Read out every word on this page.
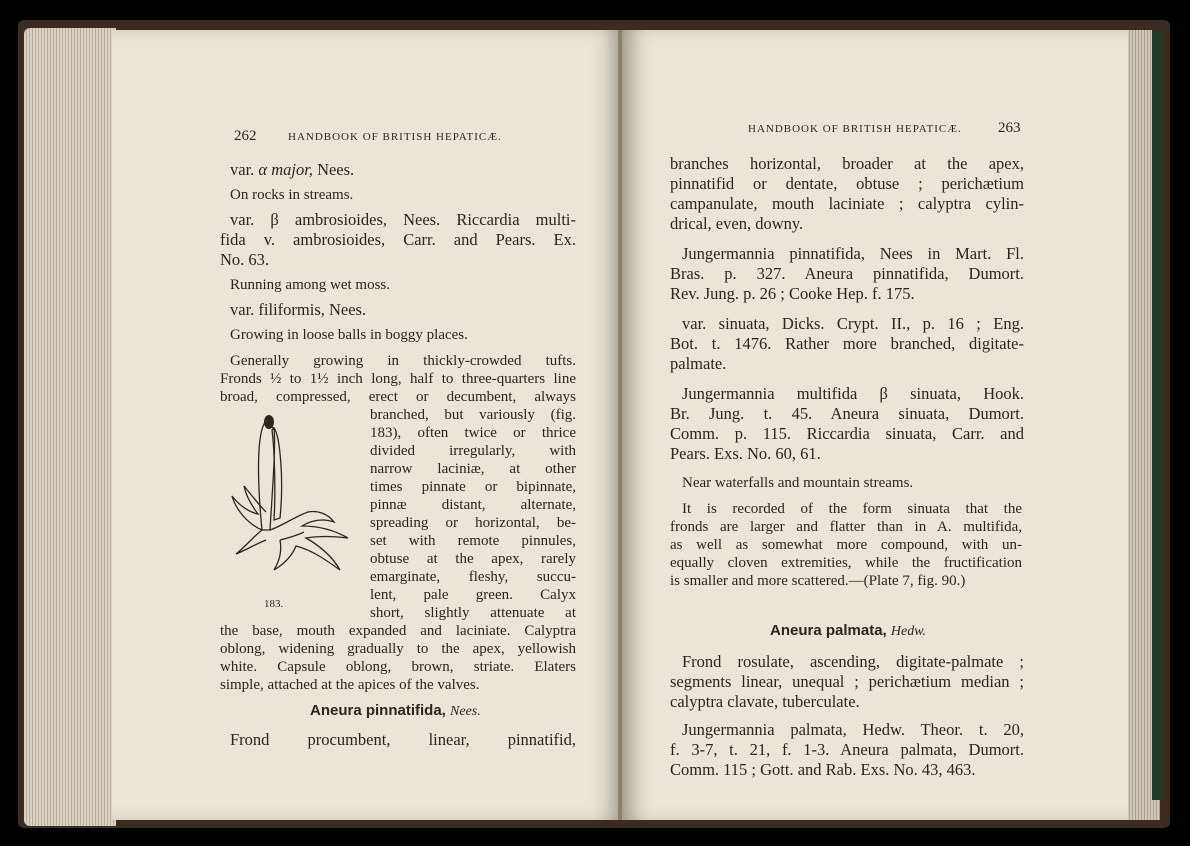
262	HANDBOOK OF BRITISH HEPATICÆ.

var. α major, Nees.

On rocks in streams.

var. β ambrosioides, Nees. Riccardia multi-

fida v. ambrosioides, Carr. and Pears. Ex.

No. 63.

Running among wet moss.

var. filiformis, Nees.

Growing in loose balls in boggy places.

Generally growing in thickly-crowded tufts.

Fronds ½ to 1½ inch long, half to three-quarters line

broad, compressed, erect or decumbent, always

branched, but variously (fig.

183), often twice or thrice

divided irregularly, with

narrow laciniæ, at other

times pinnate or bipinnate,

pinnæ distant, alternate,

spreading or horizontal, be-

set with remote pinnules,

obtuse at the apex, rarely

emarginate, fleshy, succu-

lent, pale green. Calyx

short, slightly attenuate at

the base, mouth expanded and laciniate. Calyptra

oblong, widening gradually to the apex, yellowish

white. Capsule oblong, brown, striate. Elaters

simple, attached at the apices of the valves.

183.
Aneura pinnatifida, Nees.

Frond procumbent, linear, pinnatifid,

HANDBOOK OF BRITISH HEPATICÆ. 263

branches horizontal, broader at the apex,

pinnatifid or dentate, obtuse ; perichætium

campanulate, mouth laciniate ; calyptra cylin-

drical, even, downy.

Jungermannia pinnatifida, Nees in Mart. Fl.

Bras. p. 327. Aneura pinnatifida, Dumort.

Rev. Jung. p. 26 ; Cooke Hep. f. 175.

var. sinuata, Dicks. Crypt. II., p. 16 ; Eng.

Bot. t. 1476. Rather more branched, digitate-

palmate.

Jungermannia multifida β sinuata, Hook.

Br. Jung. t. 45. Aneura sinuata, Dumort.

Comm. p. 115. Riccardia sinuata, Carr. and

Pears. Exs. No. 60, 61.

Near waterfalls and mountain streams.

It is recorded of the form sinuata that the

fronds are larger and flatter than in A. multifida,

as well as somewhat more compound, with un-

equally cloven extremities, while the fructification

is smaller and more scattered.—(Plate 7, fig. 90.)

Aneura palmata, Hedw.

Frond rosulate, ascending, digitate-palmate ;

segments linear, unequal ; perichætium median ;

calyptra clavate, tuberculate.

Jungermannia palmata, Hedw. Theor. t. 20,

f. 3-7, t. 21, f. 1-3. Aneura palmata, Dumort.

Comm. 115 ; Gott. and Rab. Exs. No. 43, 463.
